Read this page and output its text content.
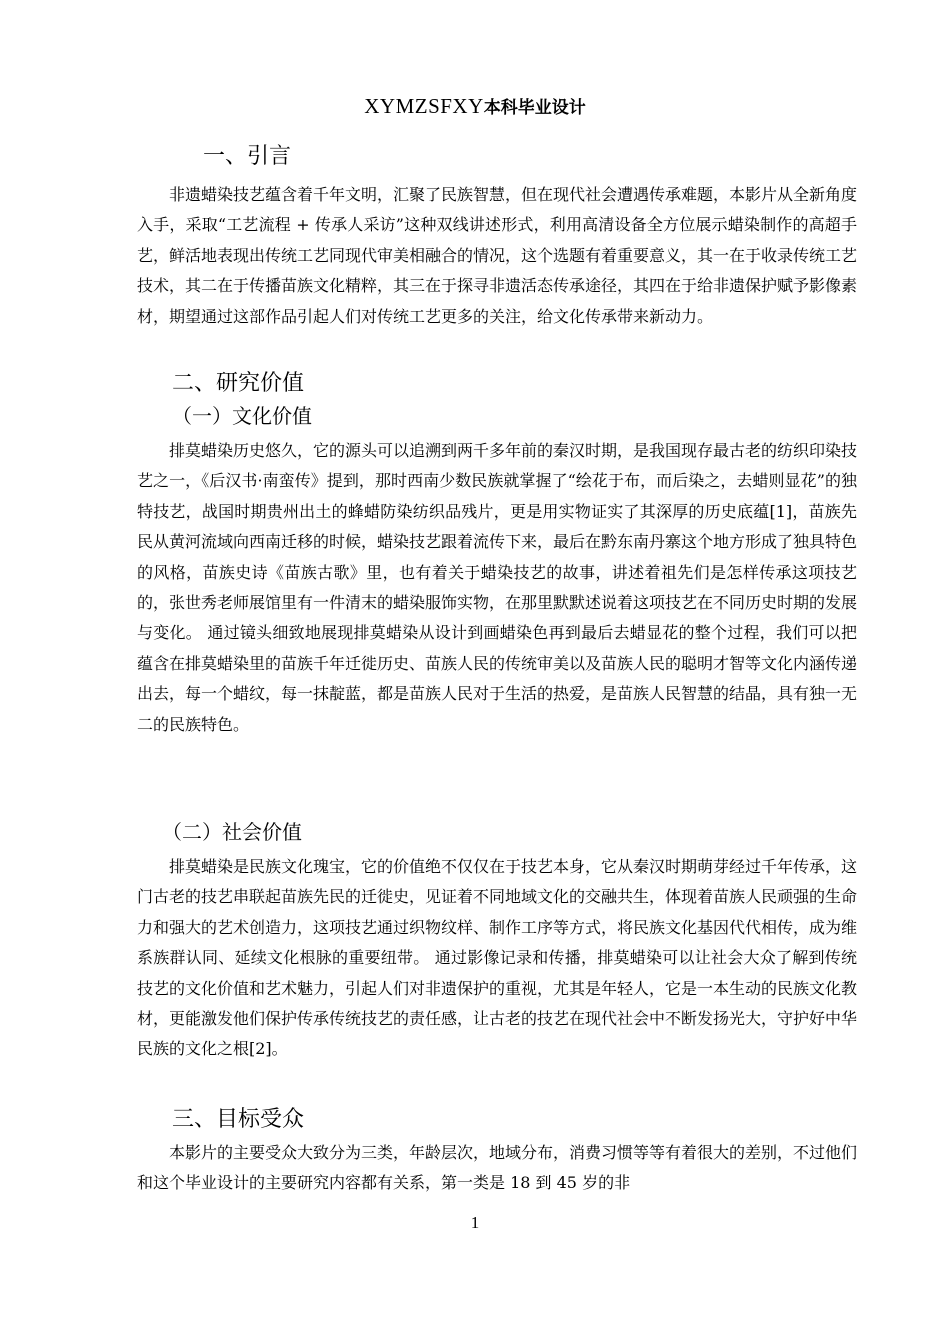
XYMZSFXY本科毕业设计
一、引言
非遗蜡染技艺蕴含着千年文明，汇聚了民族智慧，但在现代社会遭遇传承难题，本影片从全新角度入手，采取“工艺流程 + 传承人采访”这种双线讲述形式，利用高清设备全方位展示蜡染制作的高超手艺，鲜活地表现出传统工艺同现代审美相融合的情况，这个选题有着重要意义，其一在于收录传统工艺技术，其二在于传播苗族文化精粹，其三在于探寻非遗活态传承途径，其四在于给非遗保护赋予影像素材，期望通过这部作品引起人们对传统工艺更多的关注，给文化传承带来新动力。
二、研究价值
（一）文化价值
排莫蜡染历史悠久，它的源头可以追溯到两千多年前的秦汉时期，是我国现存最古老的纺织印染技艺之一，《后汉书·南蛮传》提到，那时西南少数民族就掌握了“绘花于布，而后染之，去蜡则显花”的独特技艺，战国时期贵州出土的蜂蜡防染纺织品残片，更是用实物证实了其深厚的历史底蕴[1]，苗族先民从黄河流域向西南迁移的时候，蜡染技艺跟着流传下来，最后在黔东南丹寨这个地方形成了独具特色的风格，苗族史诗《苗族古歌》里，也有着关于蜡染技艺的故事，讲述着祖先们是怎样传承这项技艺的，张世秀老师展馆里有一件清末的蜡染服饰实物，在那里默默述说着这项技艺在不同历史时期的发展与变化。 通过镜头细致地展现排莫蜡染从设计到画蜡染色再到最后去蜡显花的整个过程，我们可以把蕴含在排莫蜡染里的苗族千年迁徙历史、苗族人民的传统审美以及苗族人民的聪明才智等文化内涵传递出去，每一个蜡纹，每一抹靛蓝，都是苗族人民对于生活的热爱，是苗族人民智慧的结晶，具有独一无二的民族特色。
（二）社会价值
排莫蜡染是民族文化瑰宝，它的价值绝不仅仅在于技艺本身，它从秦汉时期萌芽经过千年传承，这门古老的技艺串联起苗族先民的迁徙史，见证着不同地域文化的交融共生，体现着苗族人民顽强的生命力和强大的艺术创造力，这项技艺通过织物纹样、制作工序等方式，将民族文化基因代代相传，成为维系族群认同、延续文化根脉的重要纽带。 通过影像记录和传播，排莫蜡染可以让社会大众了解到传统技艺的文化价值和艺术魅力，引起人们对非遗保护的重视，尤其是年轻人，它是一本生动的民族文化教材，更能激发他们保护传承传统技艺的责任感，让古老的技艺在现代社会中不断发扬光大，守护好中华民族的文化之根[2]。
三、目标受众
本影片的主要受众大致分为三类，年龄层次，地域分布，消费习惯等等有着很大的差别，不过他们和这个毕业设计的主要研究内容都有关系，第一类是 18 到 45 岁的非
1
